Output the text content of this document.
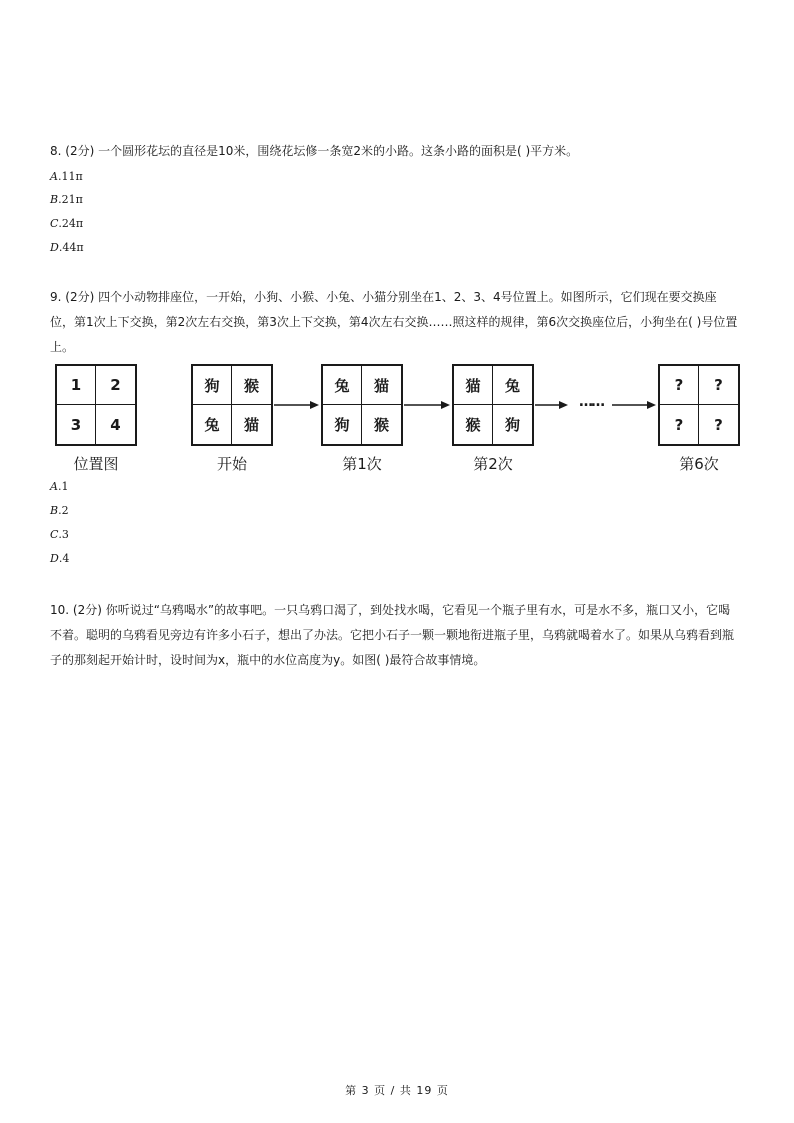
8. (2分) 一个圆形花坛的直径是10米，围绕花坛修一条宽2米的小路。这条小路的面积是( )平方米。

A.11π
B.21π
C.24π
D.44π

9. (2分) 四个小动物排座位，一开始，小狗、小猴、小兔、小猫分别坐在1、2、3、4号位置上。如图所示，它们现在要交换座位，第1次上下交换，第2次左右交换，第3次上下交换，第4次左右交换……照这样的规律，第6次交换座位后，小狗坐在( )号位置上。

1	2
3	4
位置图
狗	猴
兔	猫
开始
兔	猫
狗	猴
第1次
猫	兔
猴	狗
第2次
?	?
?	?
第6次
……
A.1
B.2
C.3
D.4

10. (2分) 你听说过“乌鸦喝水”的故事吧。一只乌鸦口渴了，到处找水喝，它看见一个瓶子里有水，可是水不多，瓶口又小，它喝不着。聪明的乌鸦看见旁边有许多小石子，想出了办法。它把小石子一颗一颗地衔进瓶子里，乌鸦就喝着水了。如果从乌鸦看到瓶子的那刻起开始计时，设时间为x，瓶中的水位高度为y。如图( )最符合故事情境。

第 3 页 / 共 19 页
